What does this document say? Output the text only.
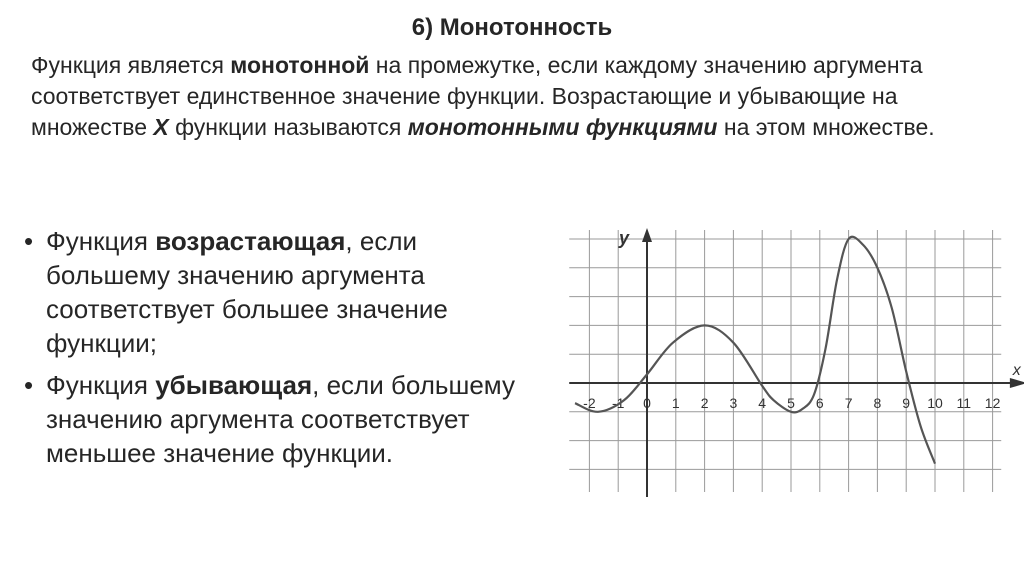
6) Монотонность
Функция является монотонной на промежутке, если каждому значению аргумента соответствует единственное значение функции. Возрастающие и убывающие на множестве X функции называются монотонными функциями на этом множестве.
• Функция возрастающая, если большему значению аргумента соответствует большее значение функции;
• Функция убывающая, если большему значению аргумента соответствует меньшее значение функции.
x
y
-2 -1 0 1 2 3 4 5 6 7 8 9 10 11 12
